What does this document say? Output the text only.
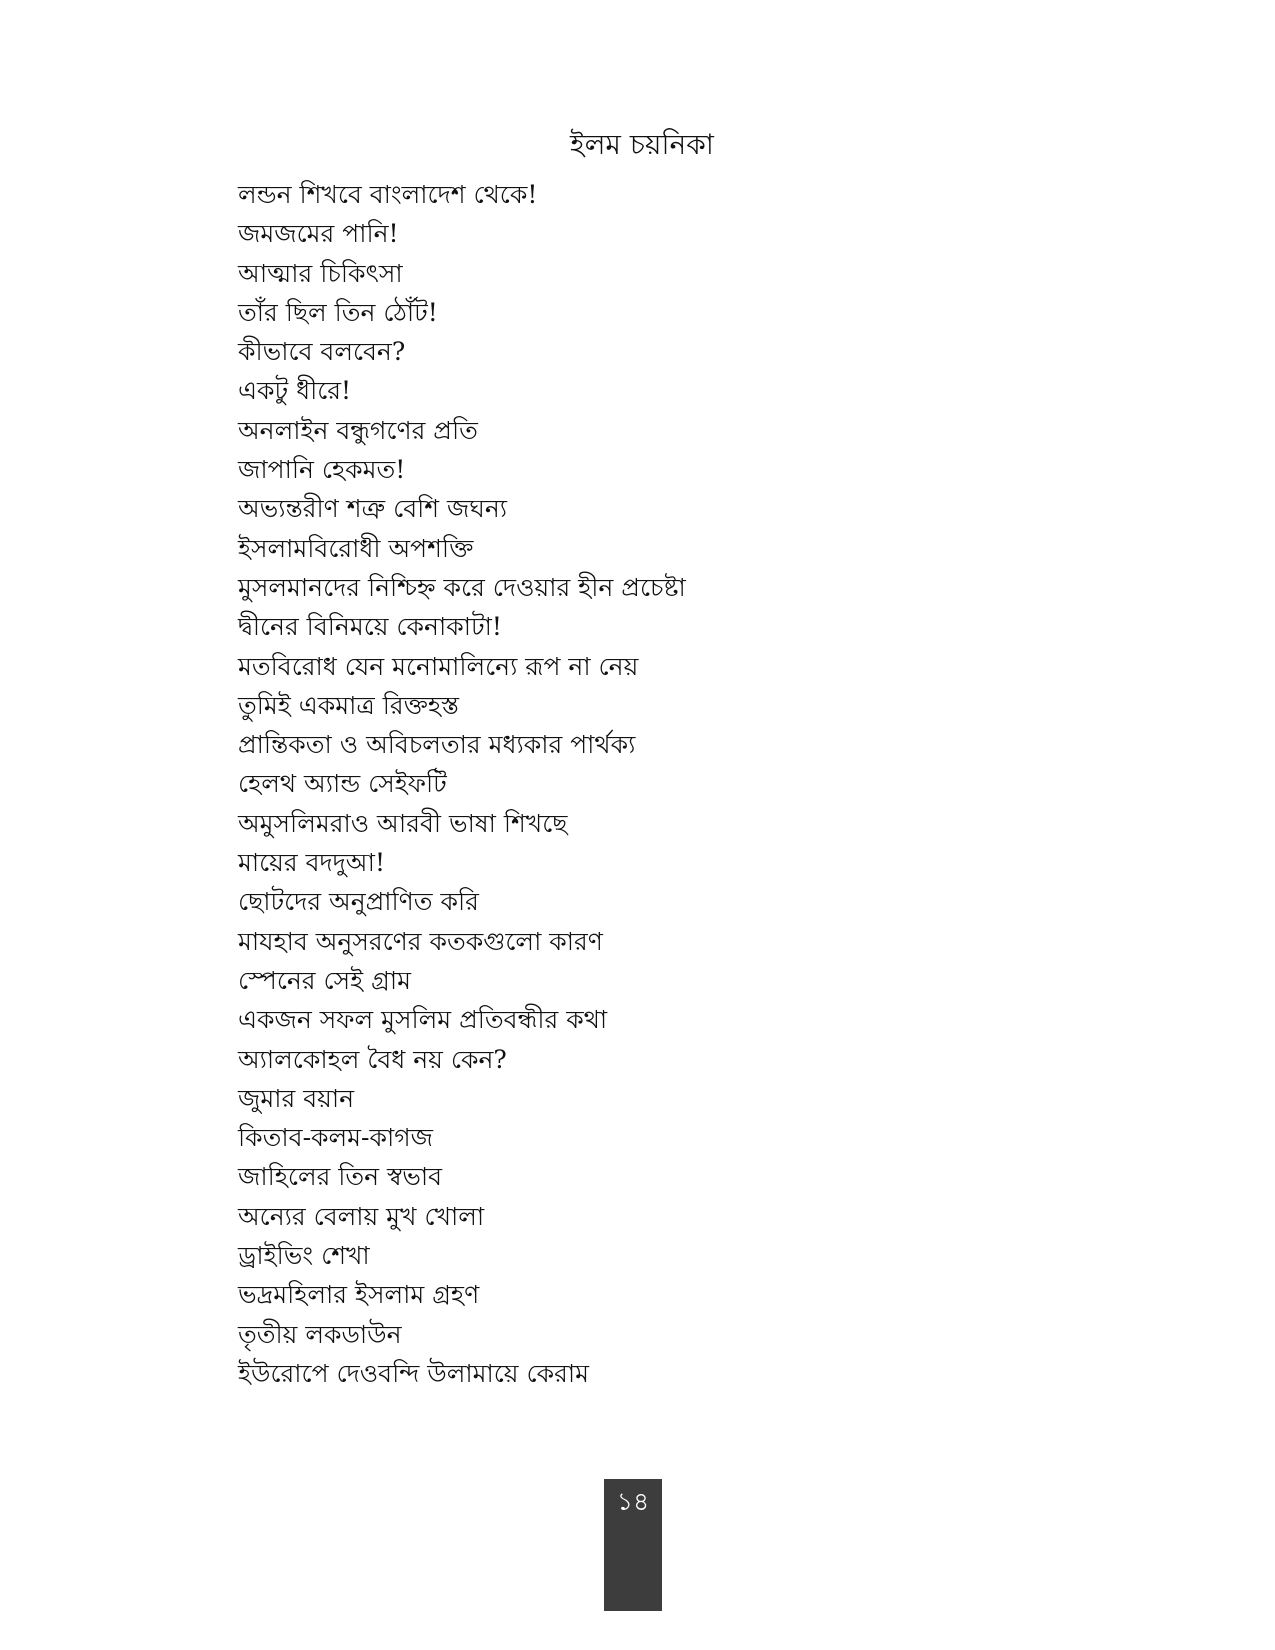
ইলম চয়নিকা
লন্ডন শিখবে বাংলাদেশ থেকে!
জমজমের পানি!
আত্মার চিকিৎসা
তাঁর ছিল তিন ঠোঁট!
কীভাবে বলবেন?
একটু ধীরে!
অনলাইন বন্ধুগণের প্রতি
জাপানি হেকমত!
অভ্যন্তরীণ শত্রু বেশি জঘন্য
ইসলামবিরোধী অপশক্তি
মুসলমানদের নিশ্চিহ্ন করে দেওয়ার হীন প্রচেষ্টা
দ্বীনের বিনিময়ে কেনাকাটা!
মতবিরোধ যেন মনোমালিন্যে রূপ না নেয়
তুমিই একমাত্র রিক্তহস্ত
প্রান্তিকতা ও অবিচলতার মধ্যকার পার্থক্য
হেলথ অ্যান্ড সেইফটি
অমুসলিমরাও আরবী ভাষা শিখছে
মায়ের বদদুআ!
ছোটদের অনুপ্রাণিত করি
মাযহাব অনুসরণের কতকগুলো কারণ
স্পেনের সেই গ্রাম
একজন সফল মুসলিম প্রতিবন্ধীর কথা
অ্যালকোহল বৈধ নয় কেন?
জুমার বয়ান
কিতাব-কলম-কাগজ
জাহিলের তিন স্বভাব
অন্যের বেলায় মুখ খোলা
ড্রাইভিং শেখা
ভদ্রমহিলার ইসলাম গ্রহণ
তৃতীয় লকডাউন
ইউরোপে দেওবন্দি উলামায়ে কেরাম
১৪
